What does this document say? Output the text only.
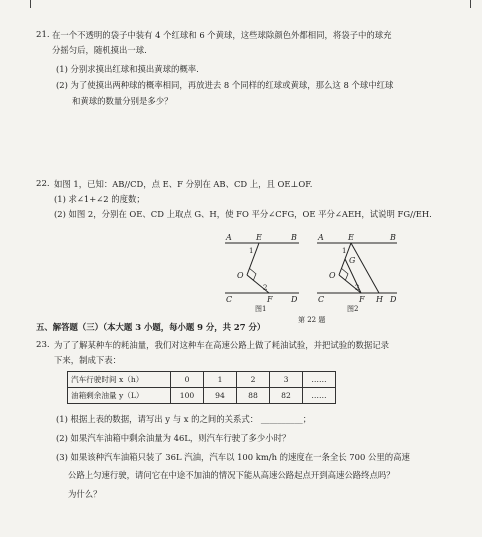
21. 在一个不透明的袋子中装有 4 个红球和 6 个黄球，这些球除颜色外都相同，将袋子中的球充
分摇匀后，随机摸出一球.
(1) 分别求摸出红球和摸出黄球的概率.
(2) 为了使摸出两种球的概率相同，再放进去 8 个同样的红球或黄球，那么这 8 个球中红球
和黄球的数量分别是多少？
22. 如图 1，已知：AB//CD，点 E、F 分别在 AB、CD 上，且 OE⊥OF.
(1) 求∠1+∠2 的度数；
(2) 如图 2，分别在 OE、CD 上取点 G、H，使 FO 平分∠CFG，OE 平分∠AEH，试说明 FG//EH.
A	E	B
1
O
2
C	F D
图1
A	E	B
1
G
O
2
C	F H D
图2
第 22 题
五、解答题（三）（本大题 3 小题，每小题 9 分，共 27 分）
23. 为了了解某种车的耗油量，我们对这种车在高速公路上做了耗油试验，并把试验的数据记录
下来，制成下表：
汽车行驶时间 x（h）	0	1	2	3	……
油箱剩余油量 y（L）	100	94	88	82	……
(1) 根据上表的数据，请写出 y 与 x 的之间的关系式： __________；
(2) 如果汽车油箱中剩余油量为 46L，则汽车行驶了多少小时？
(3) 如果该种汽车油箱只装了 36L 汽油，汽车以 100 km/h 的速度在一条全长 700 公里的高速
公路上匀速行驶，请问它在中途不加油的情况下能从高速公路起点开到高速公路终点吗？
为什么？
